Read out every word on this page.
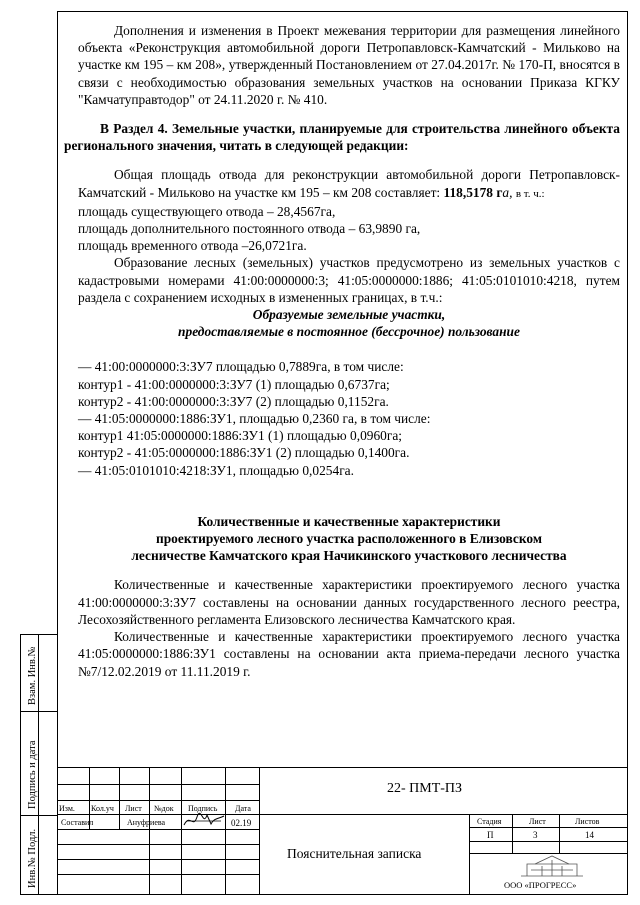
Дополнения и изменения в Проект межевания территории для размещения линейного объекта «Реконструкция автомобильной дороги Петропавловск-Камчатский - Мильково на участке км 195 – км 208», утвержденный Постановлением от 27.04.2017г. № 170-П, вносятся в связи с необходимостью образования земельных участков на основании Приказа КГКУ "Камчатуправтодор" от 24.11.2020 г. № 410.

В Раздел 4. Земельные участки, планируемые для строительства линейного объекта регионального значения, читать в следующей редакции:

Общая площадь отвода для реконструкции автомобильной дороги Петропавловск-Камчатский - Мильково на участке км 195 – км 208 составляет: 118,5178 га, в т. ч.:

площадь существующего отвода – 28,4567га,

площадь дополнительного постоянного отвода – 63,9890 га,

площадь временного отвода –26,0721га.

Образование лесных (земельных) участков предусмотрено из земельных участков с кадастровыми номерами 41:00:0000000:3; 41:05:0000000:1886; 41:05:0101010:4218, путем раздела с сохранением исходных в измененных границах, в т.ч.:

Образуемые земельные участки,

предоставляемые в постоянное (бессрочное) пользование

— 41:00:0000000:3:ЗУ7 площадью 0,7889га, в том числе:

контур1 - 41:00:0000000:3:ЗУ7 (1) площадью 0,6737га;

контур2 - 41:00:0000000:3:ЗУ7 (2) площадью 0,1152га.

— 41:05:0000000:1886:ЗУ1, площадью 0,2360 га, в том числе:

контур1 41:05:0000000:1886:ЗУ1 (1) площадью 0,0960га;

контур2 - 41:05:0000000:1886:ЗУ1 (2) площадью 0,1400га.

— 41:05:0101010:4218:ЗУ1, площадью 0,0254га.

Количественные и качественные характеристики

проектируемого лесного участка расположенного в Елизовском

лесничестве Камчатского края Начикинского участкового лесничества

Количественные и качественные характеристики проектируемого лесного участка 41:00:0000000:3:ЗУ7 составлены на основании данных государственного лесного реестра, Лесохозяйственного регламента Елизовского лесничества Камчатского края.

Количественные и качественные характеристики проектируемого лесного участка 41:05:0000000:1886:ЗУ1 составлены на основании акта приема-передачи лесного участка №7/12.02.2019 от 11.11.2019 г.

Взам. Инв.№
Подпись и дата
Инв.№ Подл.
Изм. Кол.уч Лист №док Подпись Дата
Составил	Ануфриева	02.19
22- ПМТ-ПЗ
Пояснительная записка
Стадия	Лист	Листов
П	3	14
ООО «ПРОГРЕСС»
